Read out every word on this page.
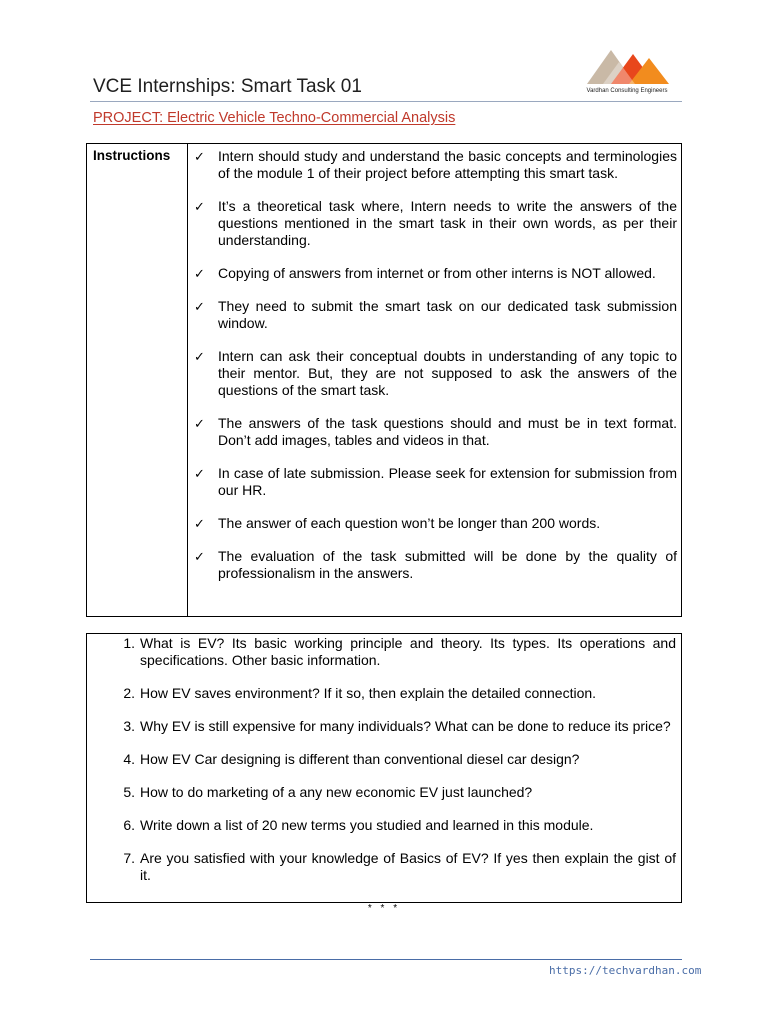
Vardhan Consulting Engineers
VCE Internships: Smart Task 01
PROJECT: Electric Vehicle Techno-Commercial Analysis
Instructions ✓ Intern should study and understand the basic concepts and terminologies of the module 1 of their project before attempting this smart task.
✓ It’s a theoretical task where, Intern needs to write the answers of the questions mentioned in the smart task in their own words, as per their understanding.
✓ Copying of answers from internet or from other interns is NOT allowed.
✓ They need to submit the smart task on our dedicated task submission window.
✓ Intern can ask their conceptual doubts in understanding of any topic to their mentor. But, they are not supposed to ask the answers of the questions of the smart task.
✓ The answers of the task questions should and must be in text format. Don’t add images, tables and videos in that.
✓ In case of late submission. Please seek for extension for submission from our HR.
✓ The answer of each question won’t be longer than 200 words.
✓ The evaluation of the task submitted will be done by the quality of professionalism in the answers.
1. What is EV? Its basic working principle and theory. Its types. Its operations and specifications. Other basic information.
2. How EV saves environment? If it so, then explain the detailed connection.
3. Why EV is still expensive for many individuals? What can be done to reduce its price?
4. How EV Car designing is different than conventional diesel car design?
5. How to do marketing of a any new economic EV just launched?
6. Write down a list of 20 new terms you studied and learned in this module.
7. Are you satisfied with your knowledge of Basics of EV? If yes then explain the gist of it.
* * *
https://techvardhan.com
